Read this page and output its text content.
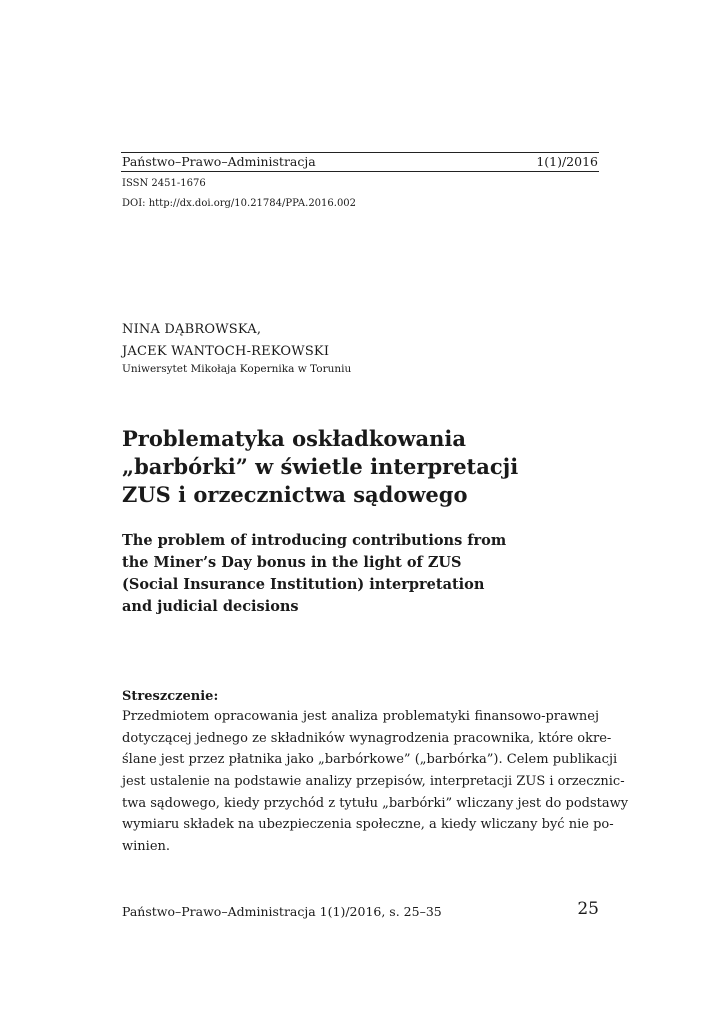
Państwo–Prawo–Administracja	1(1)/2016
ISSN 2451-1676
DOI: http://dx.doi.org/10.21784/PPA.2016.002
NINA DĄBROWSKA,
JACEK WANTOCH-REKOWSKI
Uniwersytet Mikołaja Kopernika w Toruniu
Problematyka oskładkowania
„barbórki” w świetle interpretacji
ZUS i orzecznictwa sądowego
The problem of introducing contributions from
the Miner’s Day bonus in the light of ZUS
(Social Insurance Institution) interpretation
and judicial decisions
Streszczenie:
Przedmiotem opracowania jest analiza problematyki finansowo-prawnej
dotyczącej jednego ze składników wynagrodzenia pracownika, które okre-
ślane jest przez płatnika jako „barbórkowe” („barbórka”). Celem publikacji
jest ustalenie na podstawie analizy przepisów, interpretacji ZUS i orzecznic-
twa sądowego, kiedy przychód z tytułu „barbórki” wliczany jest do podstawy
wymiaru składek na ubezpieczenia społeczne, a kiedy wliczany być nie po-
winien.
Państwo–Prawo–Administracja 1(1)/2016, s. 25–35	25
